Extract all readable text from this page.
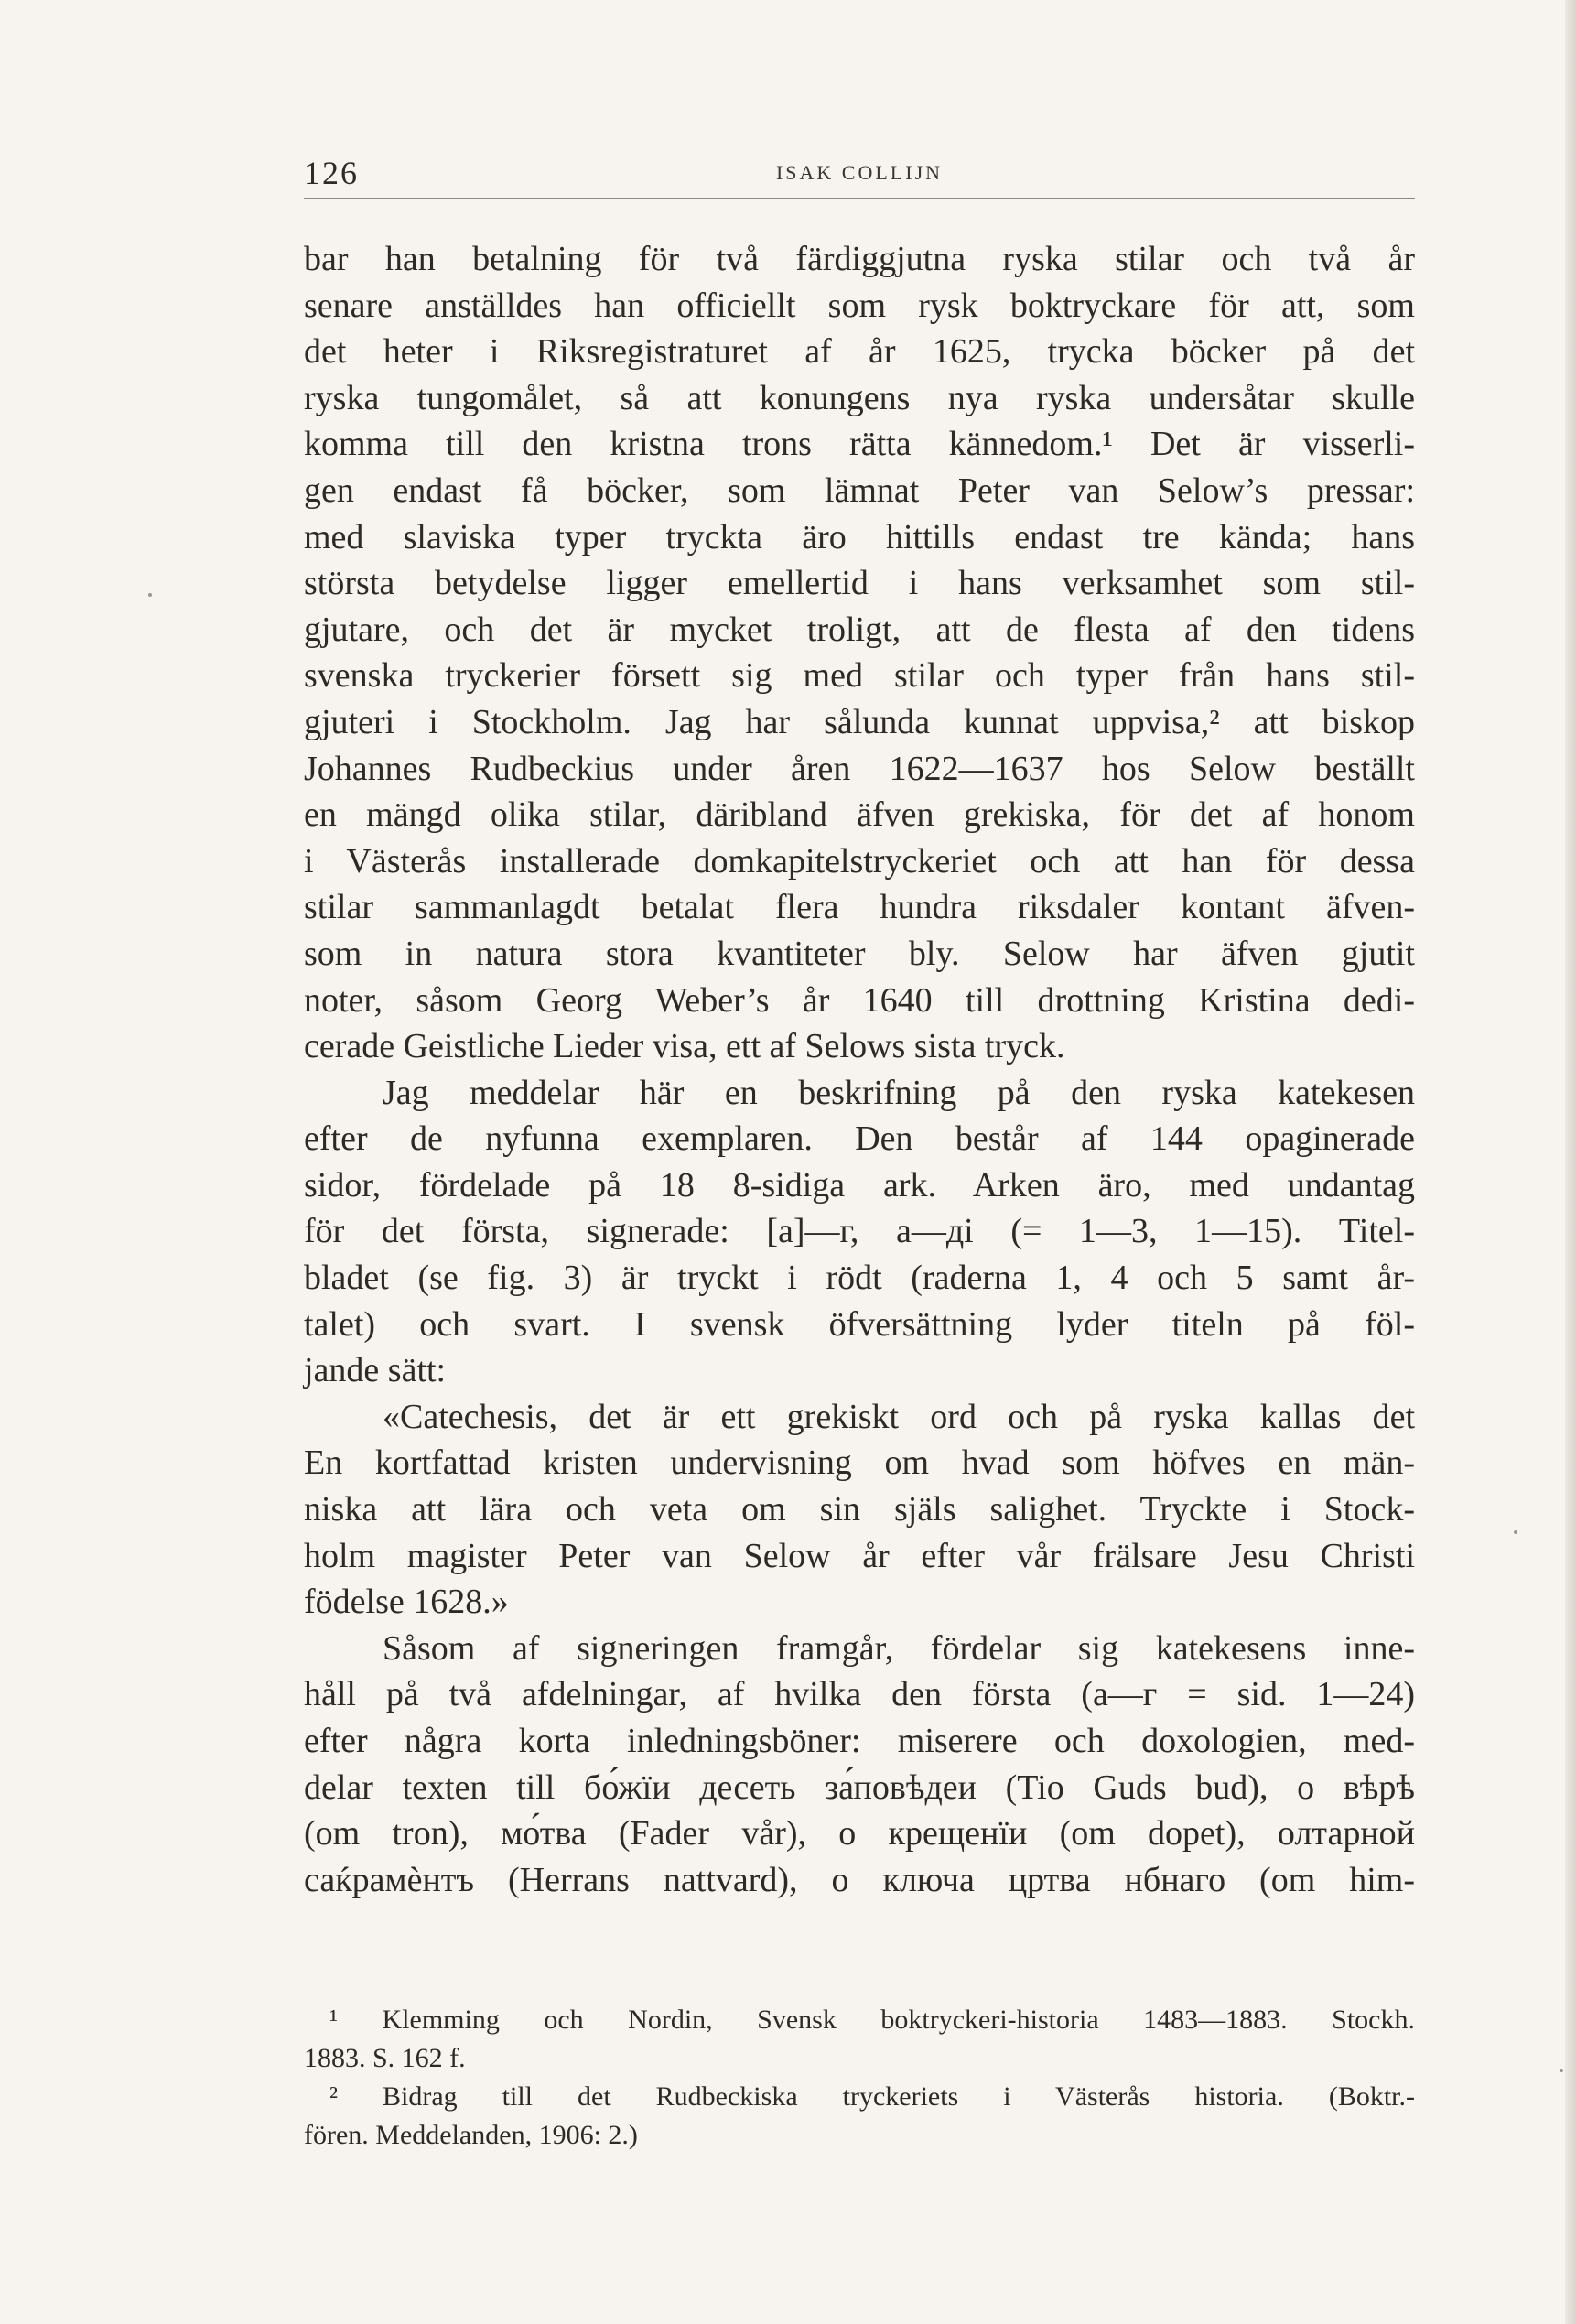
126	ISAK COLLIJN
bar han betalning för två färdiggjutna ryska stilar och två år
senare anställdes han officiellt som rysk boktryckare för att, som
det heter i Riksregistraturet af år 1625, trycka böcker på det
ryska tungomålet, så att konungens nya ryska undersåtar skulle
komma till den kristna trons rätta kännedom.¹ Det är visserli-
gen endast få böcker, som lämnat Peter van Selow’s pressar:
med slaviska typer tryckta äro hittills endast tre kända; hans
största betydelse ligger emellertid i hans verksamhet som stil-
gjutare, och det är mycket troligt, att de flesta af den tidens
svenska tryckerier försett sig med stilar och typer från hans stil-
gjuteri i Stockholm. Jag har sålunda kunnat uppvisa,² att biskop
Johannes Rudbeckius under åren 1622—1637 hos Selow beställt
en mängd olika stilar, däribland äfven grekiska, för det af honom
i Västerås installerade domkapitelstryckeriet och att han för dessa
stilar sammanlagdt betalat flera hundra riksdaler kontant äfven-
som in natura stora kvantiteter bly. Selow har äfven gjutit
noter, såsom Georg Weber’s år 1640 till drottning Kristina dedi-
cerade Geistliche Lieder visa, ett af Selows sista tryck.
Jag meddelar här en beskrifning på den ryska katekesen
efter de nyfunna exemplaren. Den består af 144 opaginerade
sidor, fördelade på 18 8-sidiga ark. Arken äro, med undantag
för det första, signerade: [а]—г, а—ді (= 1—3, 1—15). Titel-
bladet (se fig. 3) är tryckt i rödt (raderna 1, 4 och 5 samt år-
talet) och svart. I svensk öfversättning lyder titeln på föl-
jande sätt:
«Catechesis, det är ett grekiskt ord och på ryska kallas det
En kortfattad kristen undervisning om hvad som höfves en män-
niska att lära och veta om sin själs salighet. Tryckte i Stock-
holm magister Peter van Selow år efter vår frälsare Jesu Christi
födelse 1628.»
Såsom af signeringen framgår, fördelar sig katekesens inne-
håll på två afdelningar, af hvilka den första (а—г = sid. 1—24)
efter några korta inledningsböner: miserere och doxologien, med-
delar texten till бо́жїи десеть за́повѣдеи (Tio Guds bud), о вѣрѣ
(om tron), мо́тва (Fader vår), о крещенїи (om dopet), олтарной
саќрамѐнтъ (Herrans nattvard), о ключа цртва нбнаго (om him-
¹ Klemming och Nordin, Svensk boktryckeri-historia 1483—1883. Stockh.
1883. S. 162 f.
² Bidrag till det Rudbeckiska tryckeriets i Västerås historia. (Boktr.-
fören. Meddelanden, 1906: 2.)
